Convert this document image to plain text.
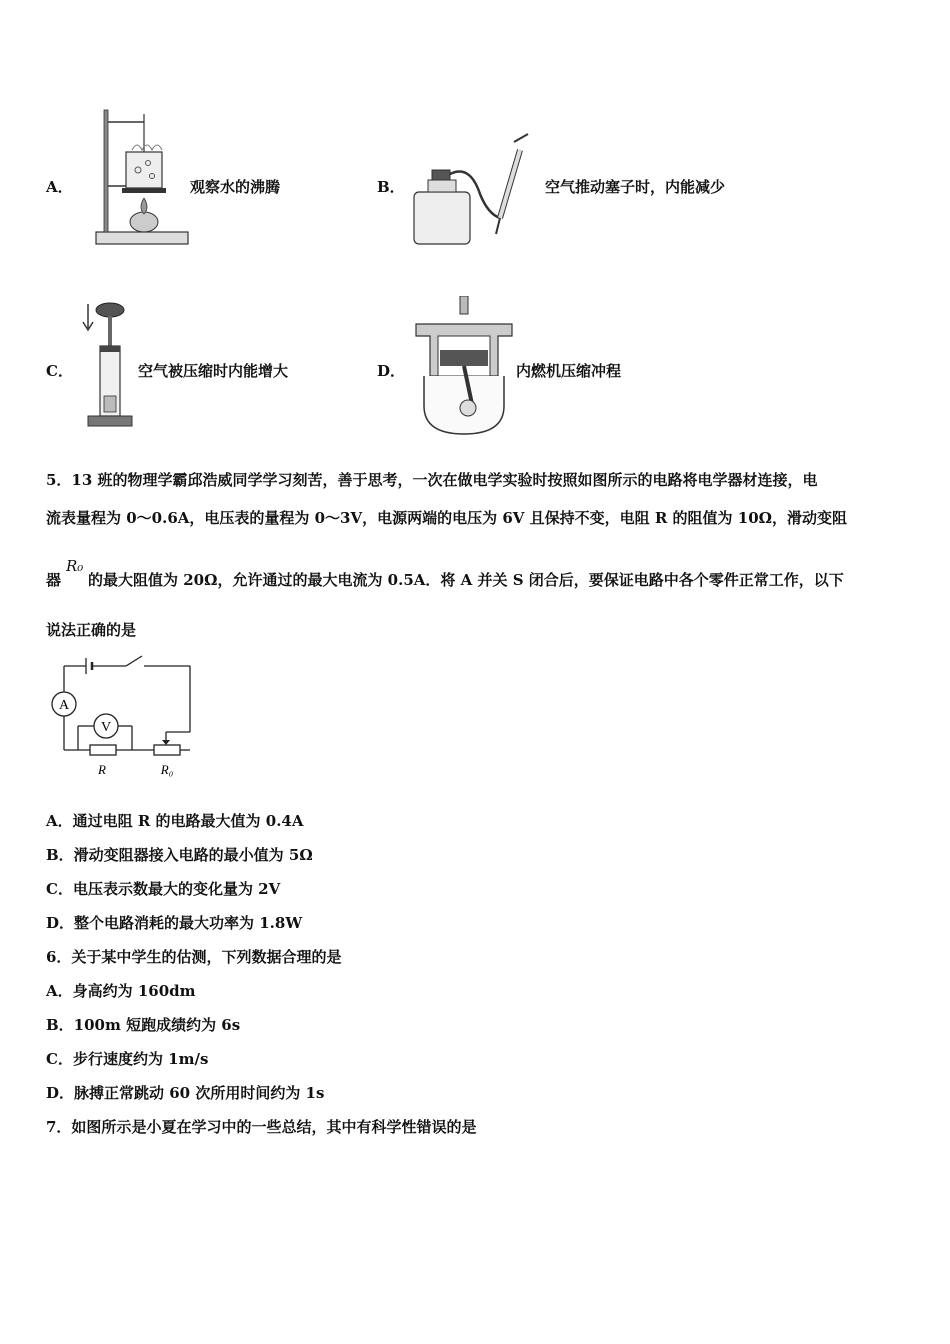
A．	观察水的沸腾	B．	空气推动塞子时，内能减少
C．	空气被压缩时内能增大	D．	内燃机压缩冲程
5．13 班的物理学霸邱浩威同学学习刻苦，善于思考，一次在做电学实验时按照如图所示的电路将电学器材连接，电
流表量程为 0～0.6A，电压表的量程为 0～3V，电源两端的电压为 6V 且保持不变，电阻 R 的阻值为 10Ω，滑动变阻
器
R₀
的最大阻值为 20Ω，允许通过的最大电流为 0.5A．将 A 并关 S 闭合后，要保证电路中各个零件正常工作，以下
说法正确的是
A
V
R	R₀
A．通过电阻 R 的电路最大值为 0.4A
B．滑动变阻器接入电路的最小值为 5Ω
C．电压表示数最大的变化量为 2V
D．整个电路消耗的最大功率为 1.8W
6．关于某中学生的估测，下列数据合理的是
A．身高约为 160dm
B．100m 短跑成绩约为 6s
C．步行速度约为 1m/s
D．脉搏正常跳动 60 次所用时间约为 1s
7．如图所示是小夏在学习中的一些总结，其中有科学性错误的是
